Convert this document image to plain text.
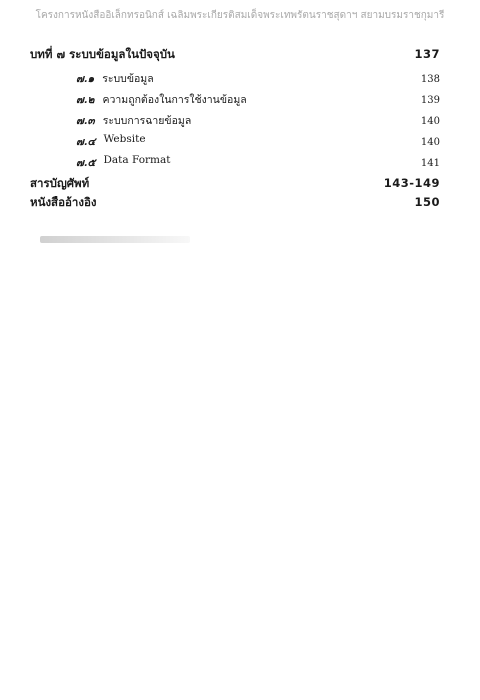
โครงการหนังสืออิเล็กทรอนิกส์ เฉลิมพระเกียรติสมเด็จพระเทพรัตนราชสุดาฯ สยามบรมราชกุมารี
บทที่ ๗ ระบบข้อมูลในปัจจุบัน	137
๗.๑ ระบบข้อมูล	138
๗.๒ ความถูกต้องในการใช้งานข้อมูล	139
๗.๓ ระบบการฉายข้อมูล	140
๗.๔ Website	140
๗.๕ Data Format	141
สารบัญศัพท์	143-149
หนังสืออ้างอิง	150
